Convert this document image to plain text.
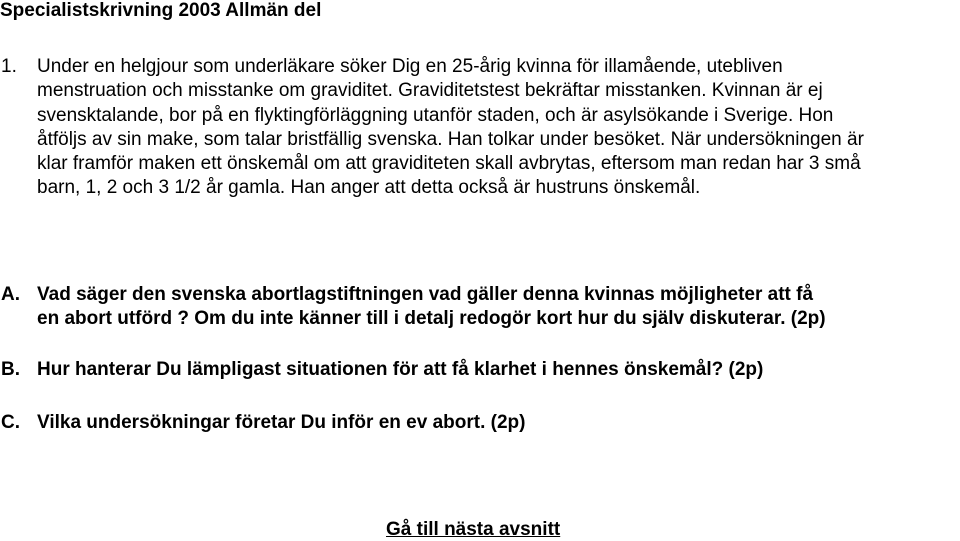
Specialistskrivning 2003 Allmän del
1. Under en helgjour som underläkare söker Dig en 25-årig kvinna för illamående, utebliven
menstruation och misstanke om graviditet. Graviditetstest bekräftar misstanken. Kvinnan är ej
svensktalande, bor på en flyktingförläggning utanför staden, och är asylsökande i Sverige. Hon
åtföljs av sin make, som talar bristfällig svenska. Han tolkar under besöket. När undersökningen är
klar framför maken ett önskemål om att graviditeten skall avbrytas, eftersom man redan har 3 små
barn, 1, 2 och 3 1/2 år gamla. Han anger att detta också är hustruns önskemål.
A. Vad säger den svenska abortlagstiftningen vad gäller denna kvinnas möjligheter att få
en abort utförd ? Om du inte känner till i detalj redogör kort hur du själv diskuterar. (2p)
B. Hur hanterar Du lämpligast situationen för att få klarhet i hennes önskemål? (2p)
C. Vilka undersökningar företar Du inför en ev abort. (2p)
Gå till nästa avsnitt
